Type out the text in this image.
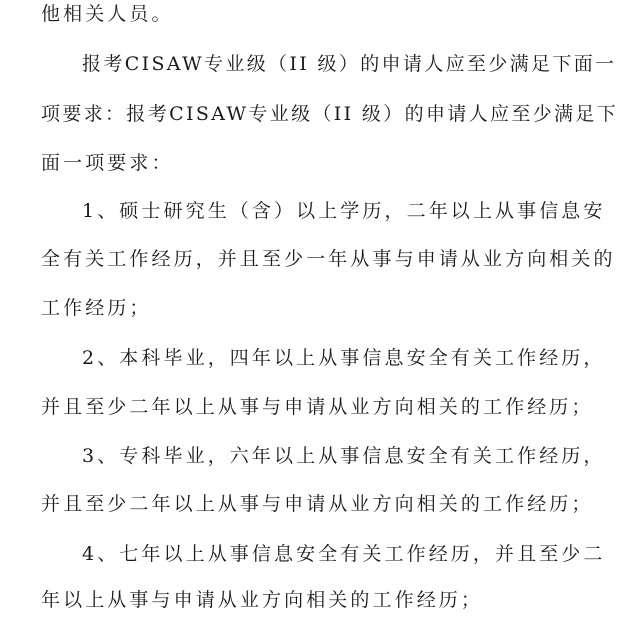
他相关人员。
报考CISAW专业级（II 级）的申请人应至少满足下面一
项要求：报考CISAW专业级（II 级）的申请人应至少满足下
面一项要求：
1、硕士研究生（含）以上学历，二年以上从事信息安
全有关工作经历，并且至少一年从事与申请从业方向相关的
工作经历；
2、本科毕业，四年以上从事信息安全有关工作经历，
并且至少二年以上从事与申请从业方向相关的工作经历；
3、专科毕业，六年以上从事信息安全有关工作经历，
并且至少二年以上从事与申请从业方向相关的工作经历；
4、七年以上从事信息安全有关工作经历，并且至少二
年以上从事与申请从业方向相关的工作经历；
